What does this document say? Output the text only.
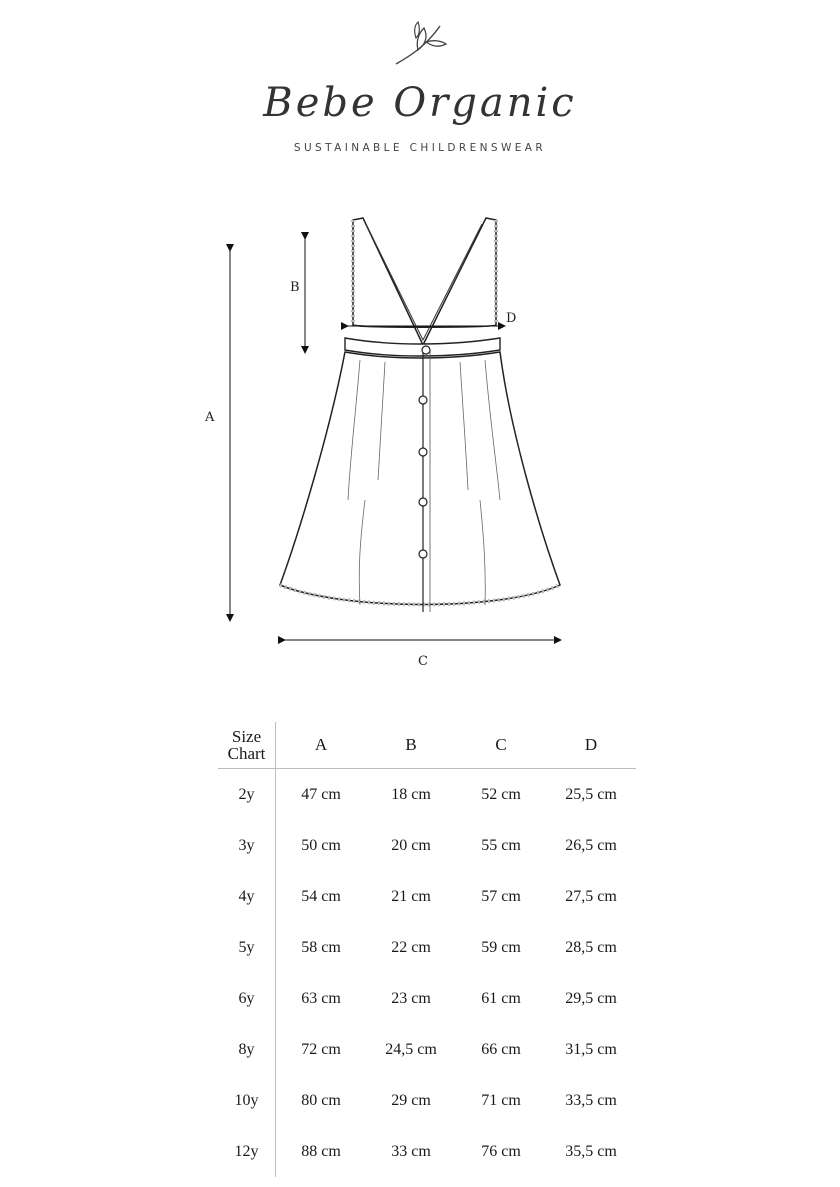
Bebe Organic
SUSTAINABLE CHILDRENSWEAR
A
B
C
D
Size
Chart	A	B	C	D
2y	47 cm	18 cm	52 cm	25,5 cm
3y	50 cm	20 cm	55 cm	26,5 cm
4y	54 cm	21 cm	57 cm	27,5 cm
5y	58 cm	22 cm	59 cm	28,5 cm
6y	63 cm	23 cm	61 cm	29,5 cm
8y	72 cm	24,5 cm	66 cm	31,5 cm
10y	80 cm	29 cm	71 cm	33,5 cm
12y	88 cm	33 cm	76 cm	35,5 cm
